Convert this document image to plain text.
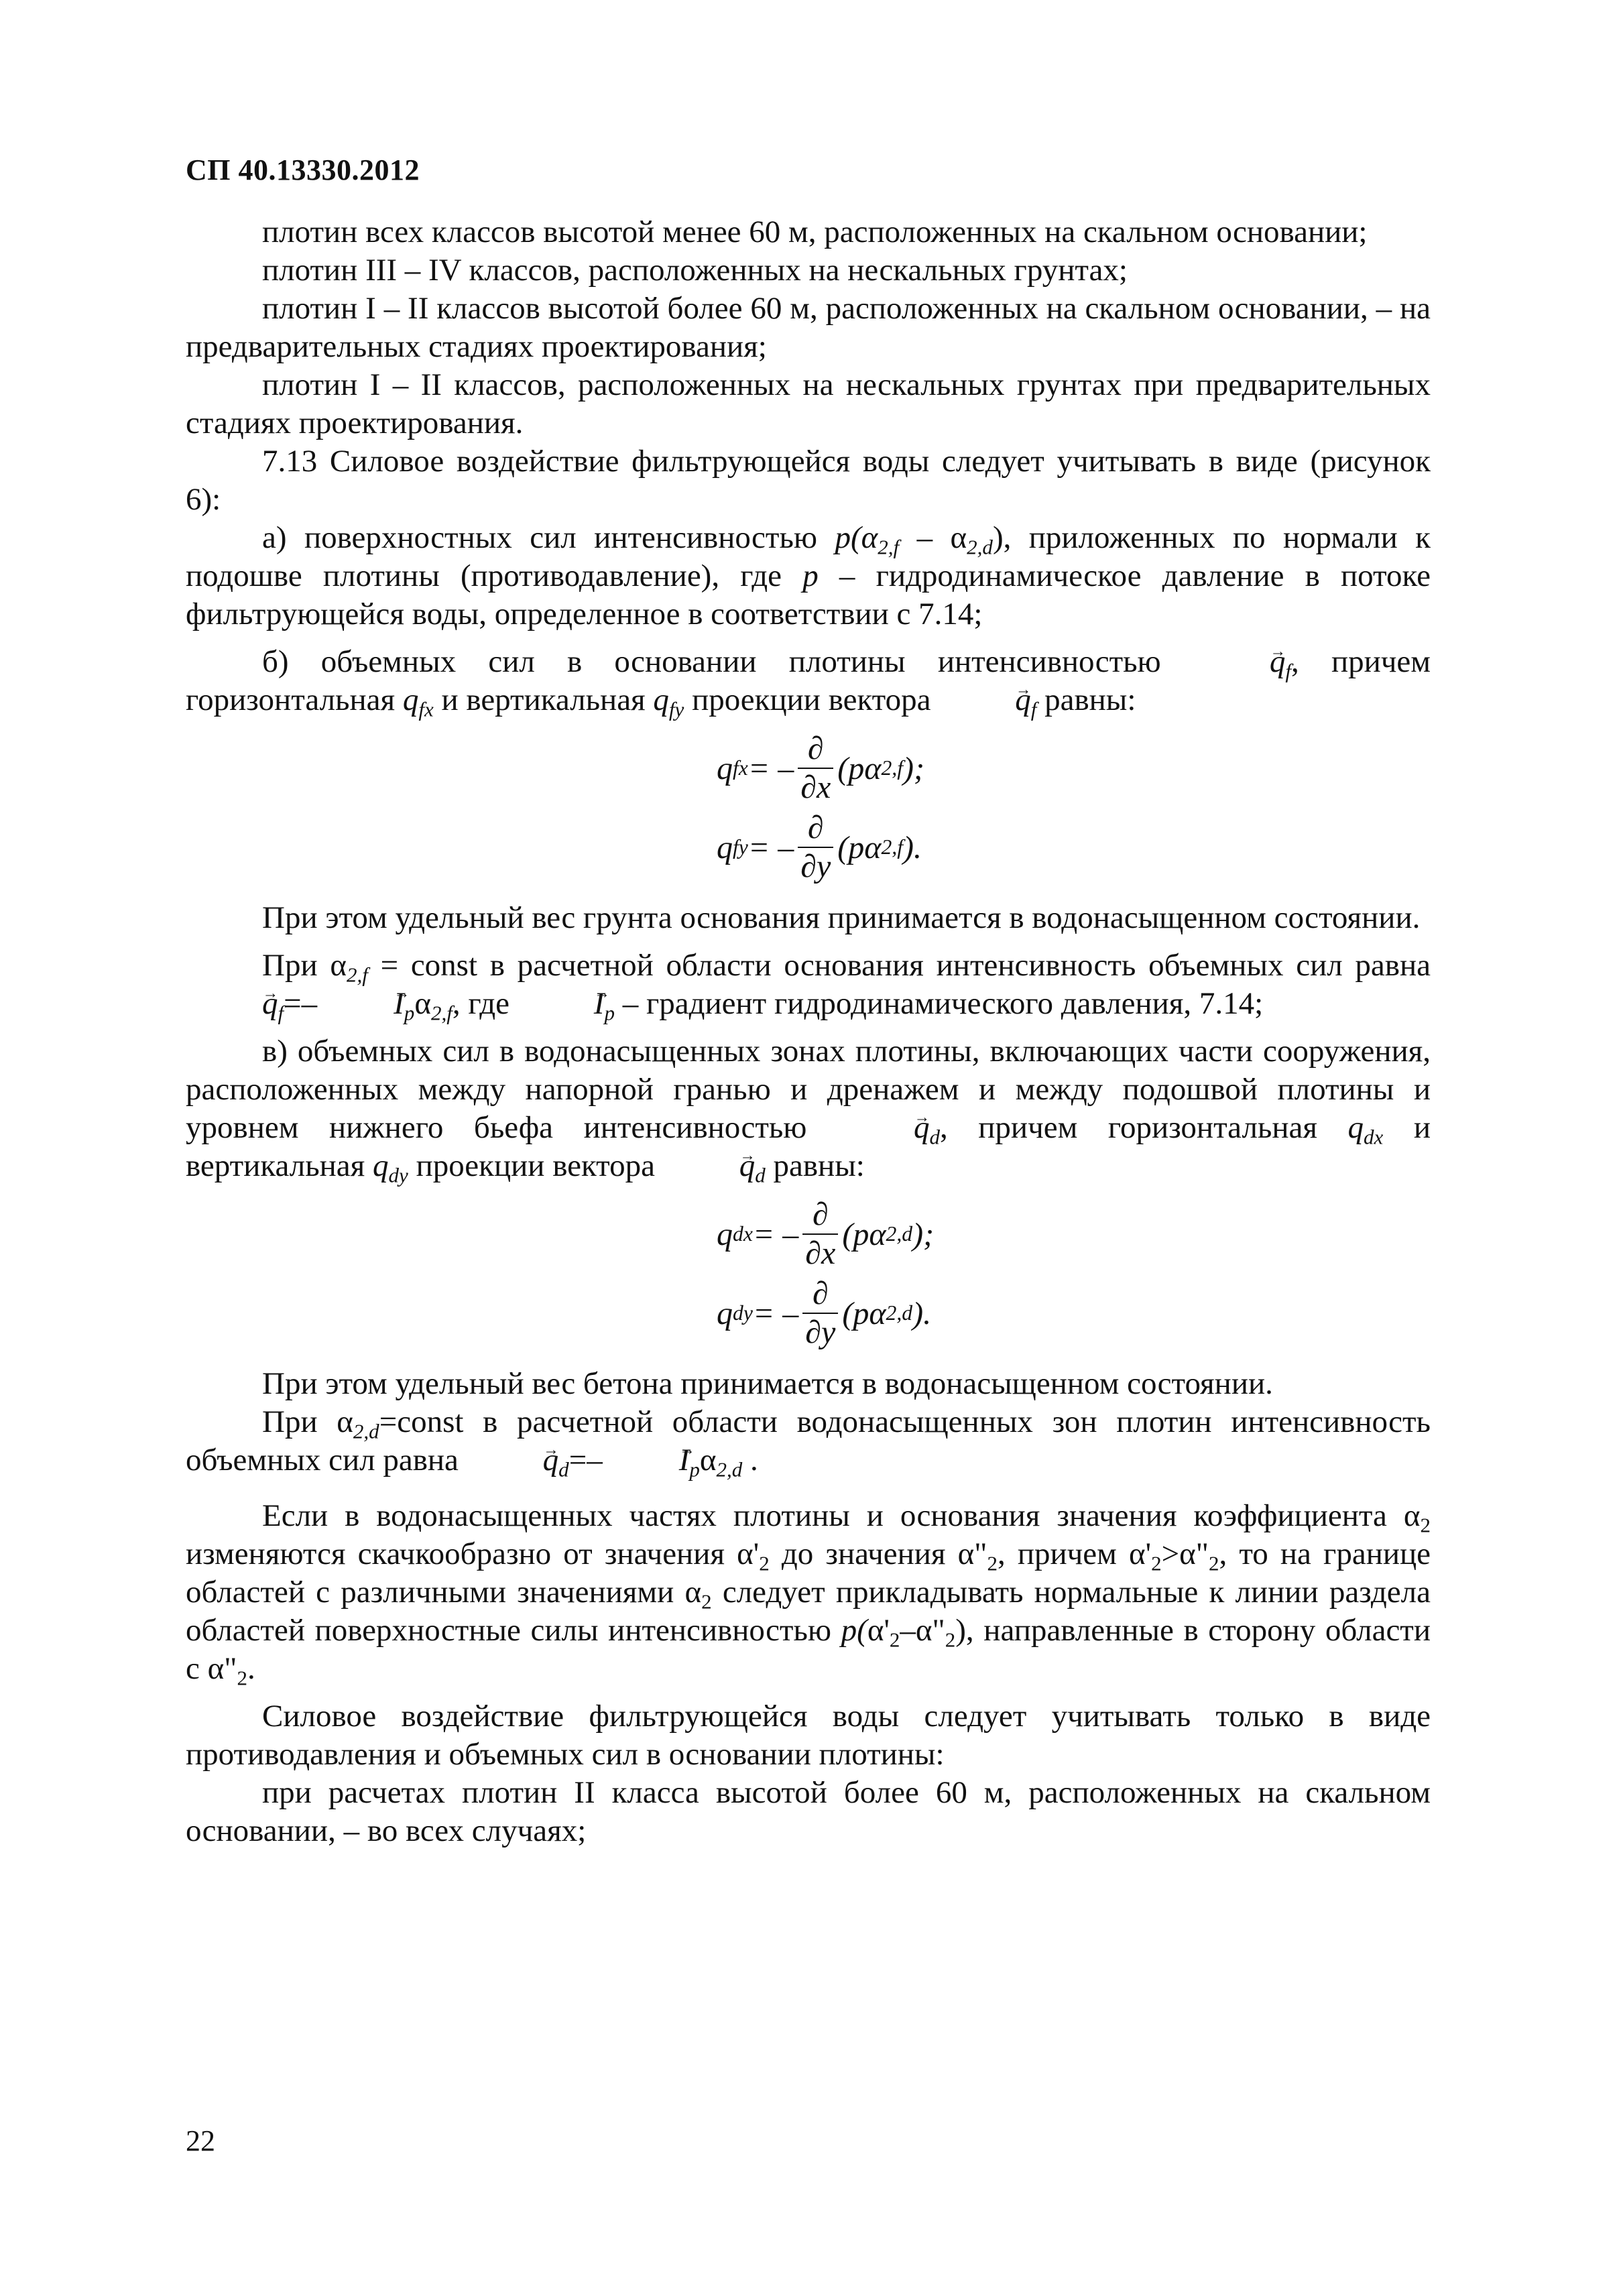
СП 40.13330.2012

плотин всех классов высотой менее 60 м, расположенных на скальном основании;

плотин III – IV классов, расположенных на нескальных грунтах;

плотин I – II классов высотой более 60 м, расположенных на скальном основании, – на предварительных стадиях проектирования;

плотин I – II классов, расположенных на нескальных грунтах при предварительных стадиях проектирования.

7.13 Силовое воздействие фильтрующейся воды следует учитывать в виде (рисунок 6):

а) поверхностных сил интенсивностью $p(\alpha_{2,f} - \alpha_{2,d})$, приложенных по нормали к подошве плотины (противодавление), где p – гидродинамическое давление в потоке фильтрующейся воды, определенное в соответствии с 7.14;

б) объемных сил в основании плотины интенсивностью → $q_f$, причем горизонтальная $q_{fx}$ и вертикальная $q_{fy}$ проекции вектора → $q_f$ равны:

q fx = – $\frac{\partial}{\partial x} (p\alpha$ 2,f );
q fy = – $\frac{\partial}{\partial y} (p\alpha$ 2,f ).

При этом удельный вес грунта основания принимается в водонасыщенном состоянии.

При $\alpha_{2,f}$ = const в расчетной области основания интенсивность объемных сил равна → $q_f=- \to I_p\alpha_{2,f}$, где → $I_p$ – градиент гидродинамического давления, 7.14;

в) объемных сил в водонасыщенных зонах плотины, включающих части сооружения, расположенных между напорной гранью и дренажем и между подошвой плотины и уровнем нижнего бьефа интенсивностью → $q_d$, причем горизонтальная $q_{dx}$ и вертикальная $q_{dy}$ проекции вектора → $q_d$ равны:

q dx = – $\frac{\partial}{\partial x} (p\alpha$ 2,d );
q dy = – $\frac{\partial}{\partial y} (p\alpha$ 2,d ).

При этом удельный вес бетона принимается в водонасыщенном состоянии.

При $\alpha_{2,d}=const$ в расчетной области водонасыщенных зон плотин интенсивность объемных сил равна → $q_d=- \to I_p\alpha_{2,d}$ .

Если в водонасыщенных частях плотины и основания значения коэффициента $\alpha_2$ изменяются скачкообразно от значения $\alpha'_2$ до значения $\alpha"_2$, причем $\alpha'_2>\alpha"_2$, то на границе областей с различными значениями $\alpha_2$ следует прикладывать нормальные к линии раздела областей поверхностные силы интенсивностью $p(\alpha'_2-\alpha"_2)$, направленные в сторону области с $\alpha"_2$.

Силовое воздействие фильтрующейся воды следует учитывать только в виде противодавления и объемных сил в основании плотины:

при расчетах плотин II класса высотой более 60 м, расположенных на скальном основании, – во всех случаях;

22
